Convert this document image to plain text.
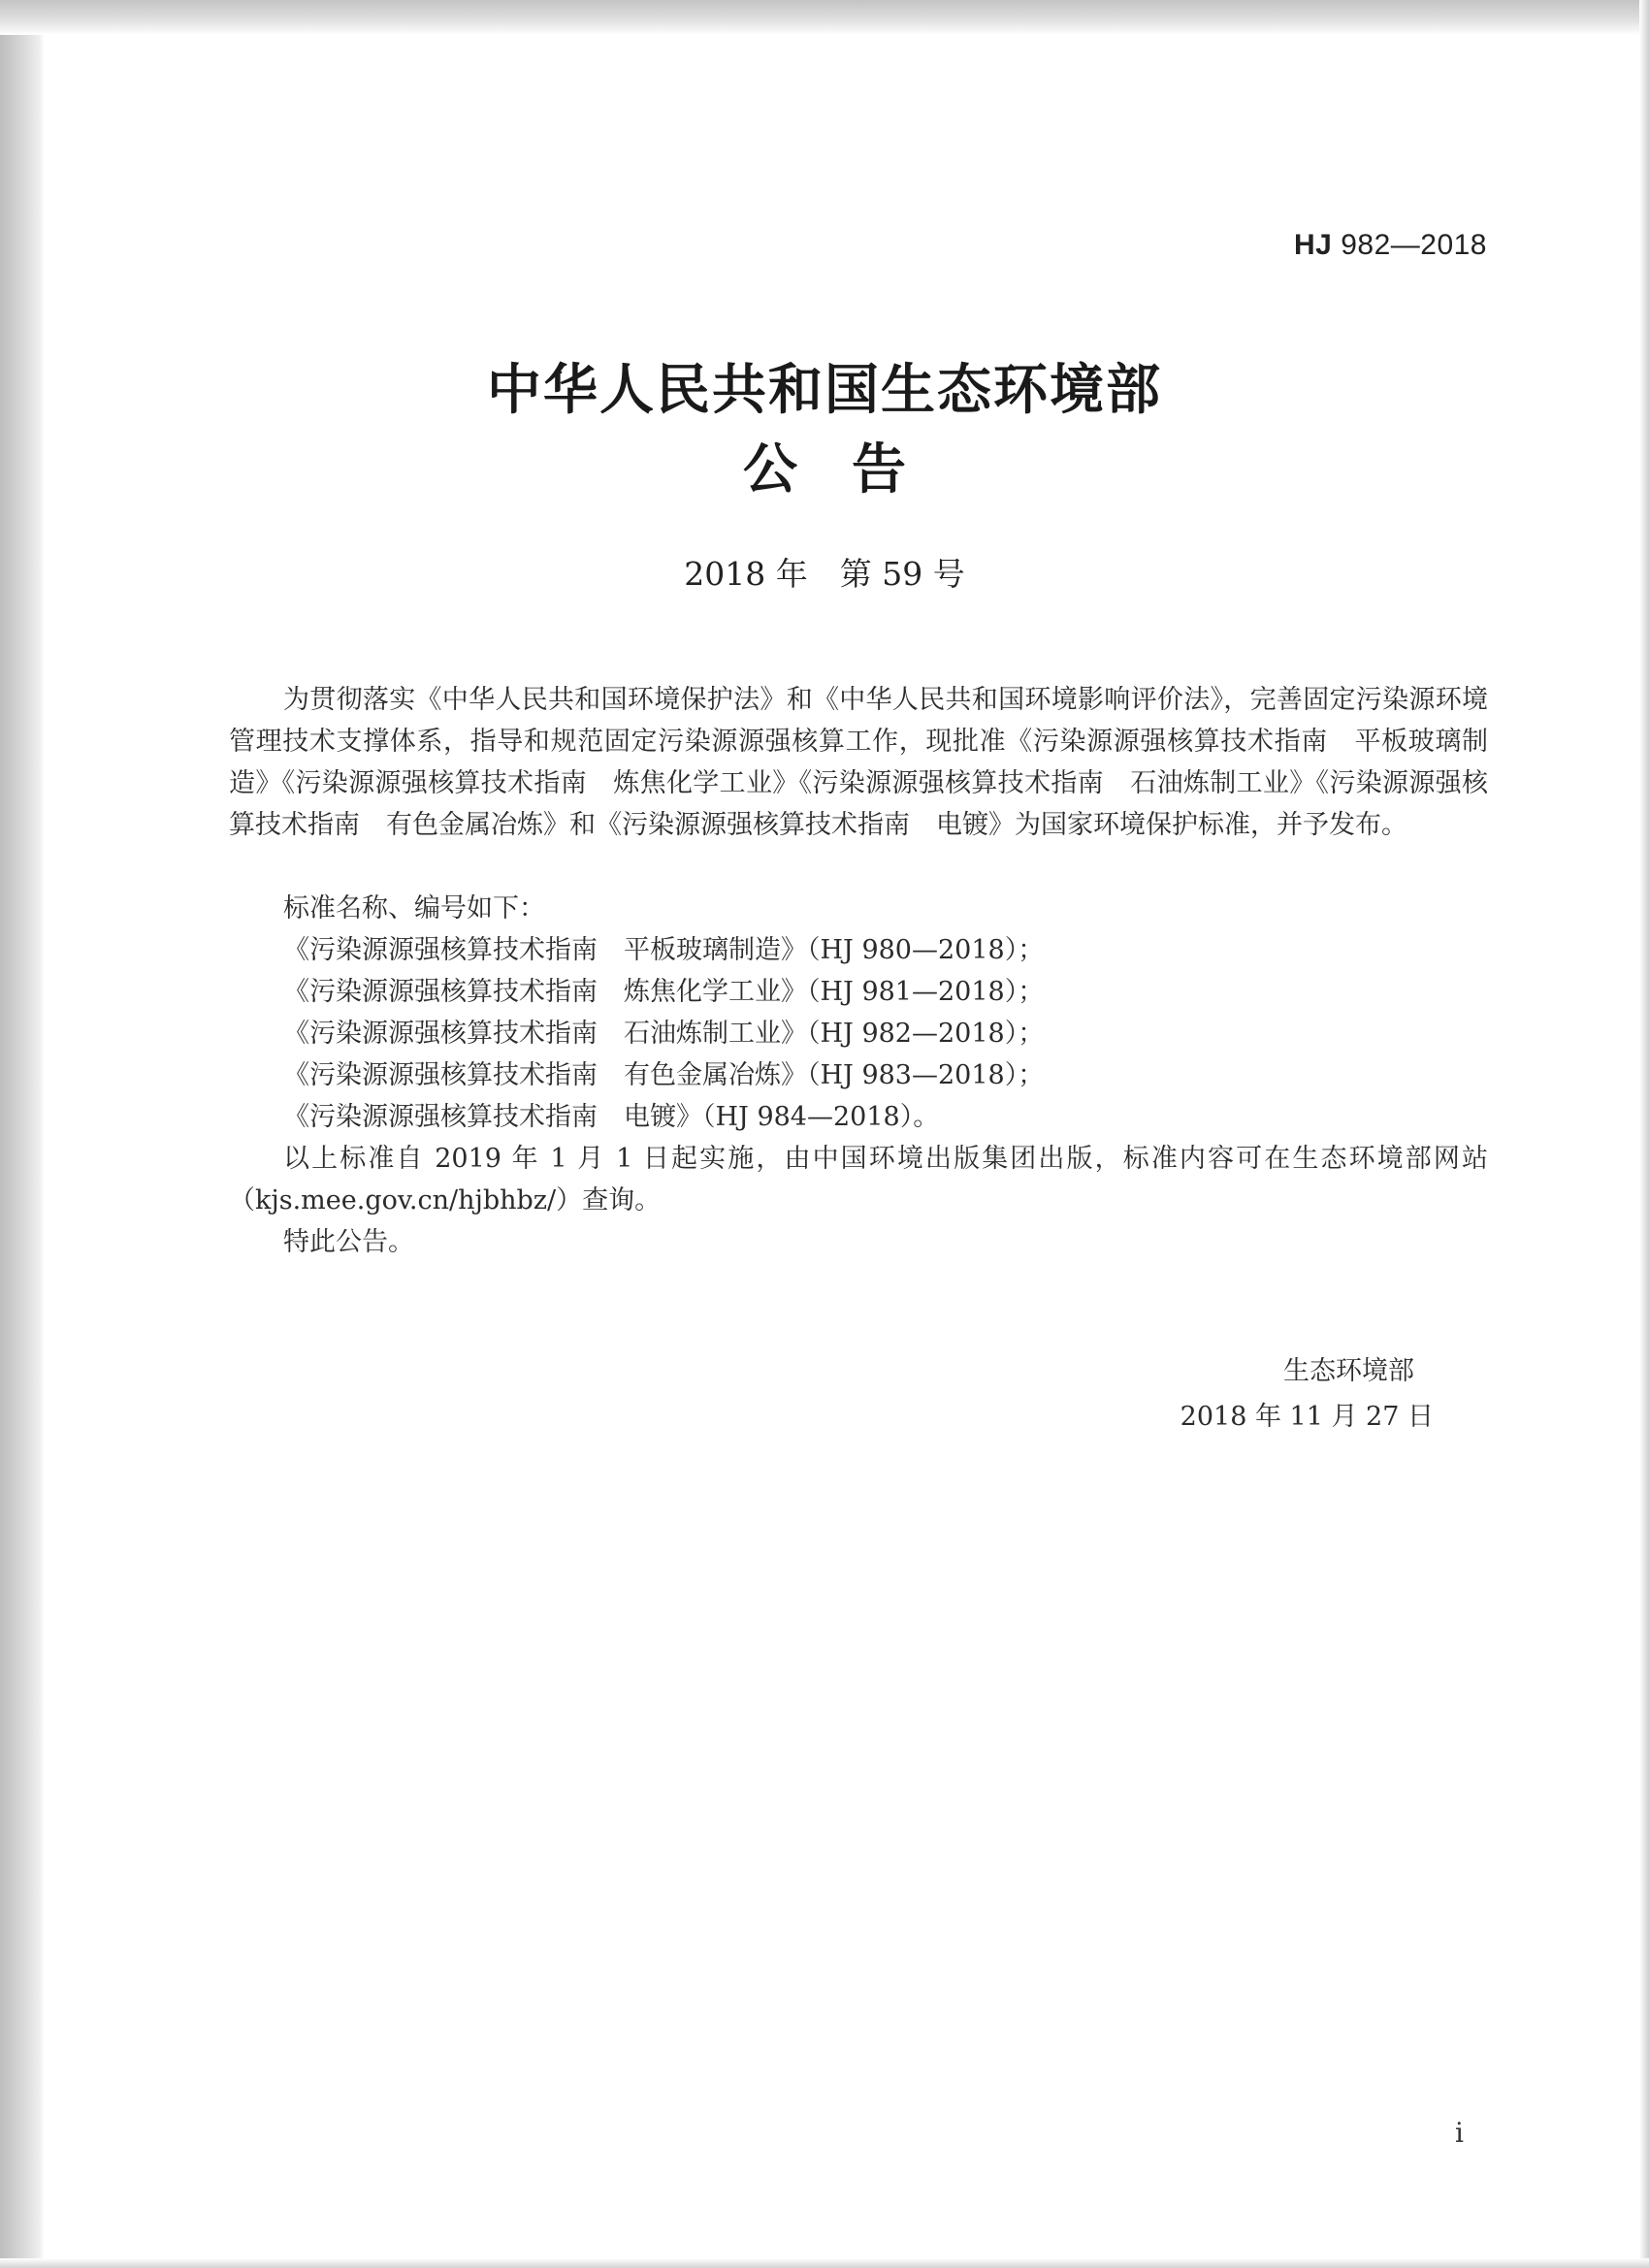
HJ 982—2018
中华人民共和国生态环境部
公　告
2018 年　第 59 号

为贯彻落实《中华人民共和国环境保护法》和《中华人民共和国环境影响评价法》，完善固定污染源环境管理技术支撑体系，指导和规范固定污染源源强核算工作，现批准《污染源源强核算技术指南　平板玻璃制造》《污染源源强核算技术指南　炼焦化学工业》《污染源源强核算技术指南　石油炼制工业》《污染源源强核算技术指南　有色金属冶炼》和《污染源源强核算技术指南　电镀》为国家环境保护标准，并予发布。

标准名称、编号如下：
《污染源源强核算技术指南　平板玻璃制造》（HJ 980—2018）；
《污染源源强核算技术指南　炼焦化学工业》（HJ 981—2018）；
《污染源源强核算技术指南　石油炼制工业》（HJ 982—2018）；
《污染源源强核算技术指南　有色金属冶炼》（HJ 983—2018）；
《污染源源强核算技术指南　电镀》（HJ 984—2018）。

以上标准自 2019 年 1 月 1 日起实施，由中国环境出版集团出版，标准内容可在生态环境部网站（kjs.mee.gov.cn/hjbhbz/）查询。

特此公告。
生态环境部
2018 年 11 月 27 日
i
